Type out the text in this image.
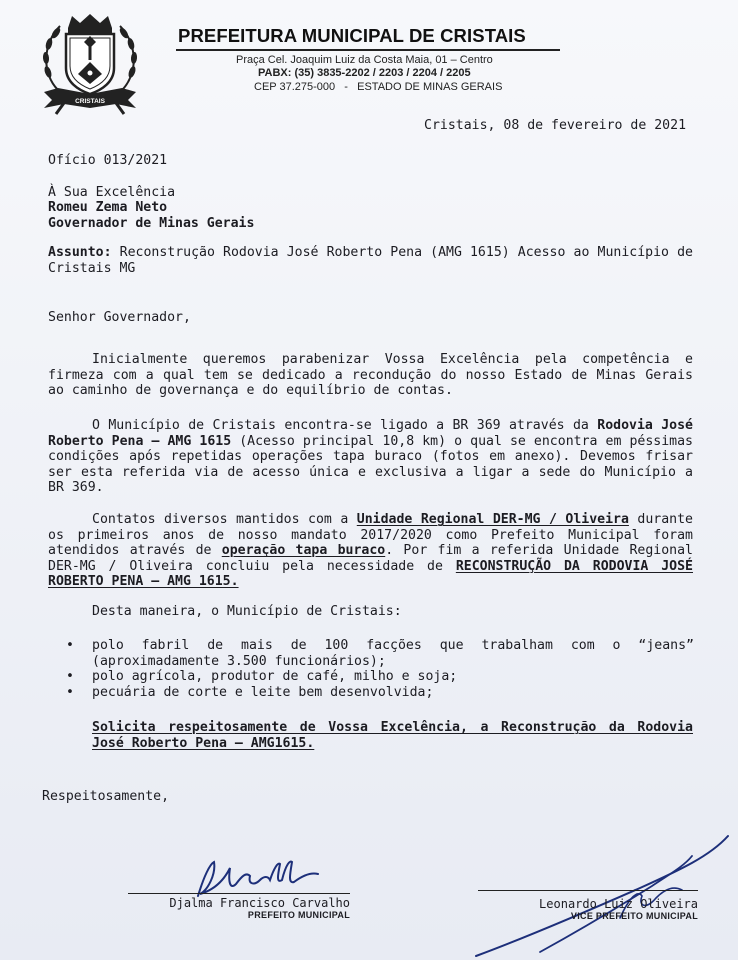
CRISTAIS
PREFEITURA MUNICIPAL DE CRISTAIS
Praça Cel. Joaquim Luiz da Costa Maia, 01 – Centro
PABX: (35) 3835-2202 / 2203 / 2204 / 2205
CEP 37.275-000   -   ESTADO DE MINAS GERAIS
Cristais, 08 de fevereiro de 2021
Ofício 013/2021
À Sua Excelência
Romeu Zema Neto
Governador de Minas Gerais

Assunto: Reconstrução Rodovia José Roberto Pena (AMG 1615) Acesso ao Município de Cristais MG

Senhor Governador,

Inicialmente queremos parabenizar Vossa Excelência pela competência e firmeza com a qual tem se dedicado a recondução do nosso Estado de Minas Gerais ao caminho de governança e do equilíbrio de contas.

O Município de Cristais encontra-se ligado a BR 369 através da Rodovia José Roberto Pena – AMG 1615 (Acesso principal 10,8 km) o qual se encontra em péssimas condições após repetidas operações tapa buraco (fotos em anexo). Devemos frisar ser esta referida via de acesso única e exclusiva a ligar a sede do Município a BR 369.

Contatos diversos mantidos com a Unidade Regional DER-MG / Oliveira durante os primeiros anos de nosso mandato 2017/2020 como Prefeito Municipal foram atendidos através de operação tapa buraco. Por fim a referida Unidade Regional DER-MG / Oliveira concluiu pela necessidade de RECONSTRUÇÃO DA RODOVIA JOSÉ ROBERTO PENA – AMG 1615.

Desta maneira, o Município de Cristais:

• polo fabril de mais de 100 facções que trabalham com o “jeans” (aproximadamente 3.500 funcionários);
• polo agrícola, produtor de café, milho e soja;
• pecuária de corte e leite bem desenvolvida;

Solicita respeitosamente de Vossa Excelência, a Reconstrução da Rodovia José Roberto Pena – AMG1615.

Respeitosamente,
Djalma Francisco Carvalho
PREFEITO MUNICIPAL
Leonardo Luiz Oliveira
VICE PREFEITO MUNICIPAL
